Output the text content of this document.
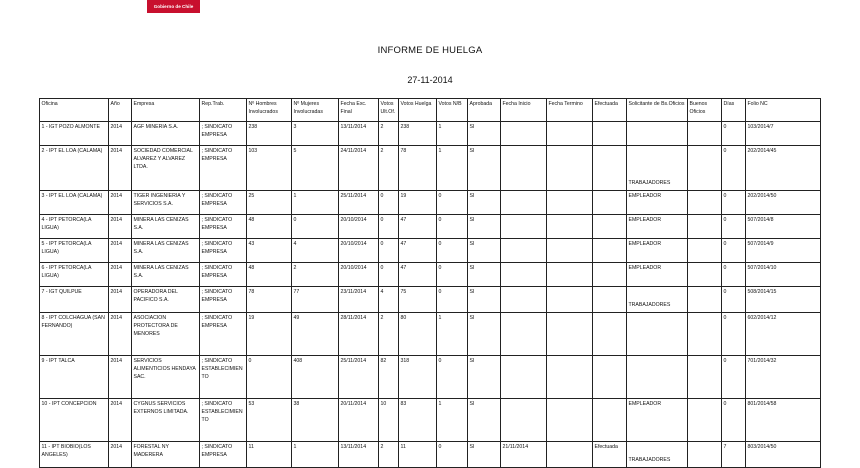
Gobierno de Chile
INFORME DE HUELGA
27-11-2014
Oficina	Año	Empresa	Rep.Trab.	Nº Hombres Involucrados	Nº Mujeres Involucradas	Fecha Exc. Final	Votos Ult.Of.	Votos Huelga	Votos N/B	Aprobada	Fecha Inicio	Fecha Termino	Efectuada	Solicitante de Bs.Oficios	Buenos Oficios	Días	Folio NC
1 - IGT POZO ALMONTE	2014	AGF MINERIA S.A.	; SINDICATO EMPRESA	238	3	13/11/2014	2	238	1	SI						0	103/2014/7
2 - IPT EL LOA (CALAMA)	2014	SOCIEDAD COMERCIAL ALVAREZ Y ALVAREZ LTDA.	; SINDICATO EMPRESA	103	5	24/11/2014	2	78	1	SI				TRABAJADORES		0	202/2014/45
3 - IPT EL LOA (CALAMA)	2014	TIGER INGENIERIA Y SERVICIOS S.A.	; SINDICATO EMPRESA	25	1	25/11/2014	0	19	0	SI				EMPLEADOR		0	202/2014/50
4 - IPT PETORCA(LA LIGUA)	2014	MINERA LAS CENIZAS S.A.	; SINDICATO EMPRESA	48	0	20/10/2014	0	47	0	SI				EMPLEADOR		0	507/2014/8
5 - IPT PETORCA(LA LIGUA)	2014	MINERA LAS CENIZAS S.A.	; SINDICATO EMPRESA	43	4	20/10/2014	0	47	0	SI				EMPLEADOR		0	507/2014/9
6 - IPT PETORCA(LA LIGUA)	2014	MINERA LAS CENIZAS S.A.	; SINDICATO EMPRESA	48	2	20/10/2014	0	47	0	SI				EMPLEADOR		0	507/2014/10
7 - IGT QUILPUE	2014	OPERADORA DEL PACIFICO S.A.	; SINDICATO EMPRESA	78	77	23/11/2014	4	75	0	SI				TRABAJADORES		0	508/2014/15
8 - IPT COLCHAGUA (SAN FERNANDO)	2014	ASOCIACION PROTECTORA DE MENORES	; SINDICATO EMPRESA	19	49	28/11/2014	2	80	1	SI						0	602/2014/12
9 - IPT TALCA	2014	SERVICIOS ALIMENTICIOS HENDAYA SAC.	; SINDICATO ESTABLECIMIENTO	0	408	25/11/2014	82	318	0	SI						0	701/2014/32
10 - IPT CONCEPCION	2014	CYGNUS SERVICIOS EXTERNOS LIMITADA.	; SINDICATO ESTABLECIMIENTO	53	38	20/11/2014	10	83	1	SI				EMPLEADOR		0	801/2014/58
11 - IPT BIOBIO(LOS ANGELES)	2014	FORESTAL NY MADERERA	; SINDICATO EMPRESA	11	1	13/11/2014	2	11	0	SI	21/11/2014		Efectuada	TRABAJADORES		7	803/2014/50
